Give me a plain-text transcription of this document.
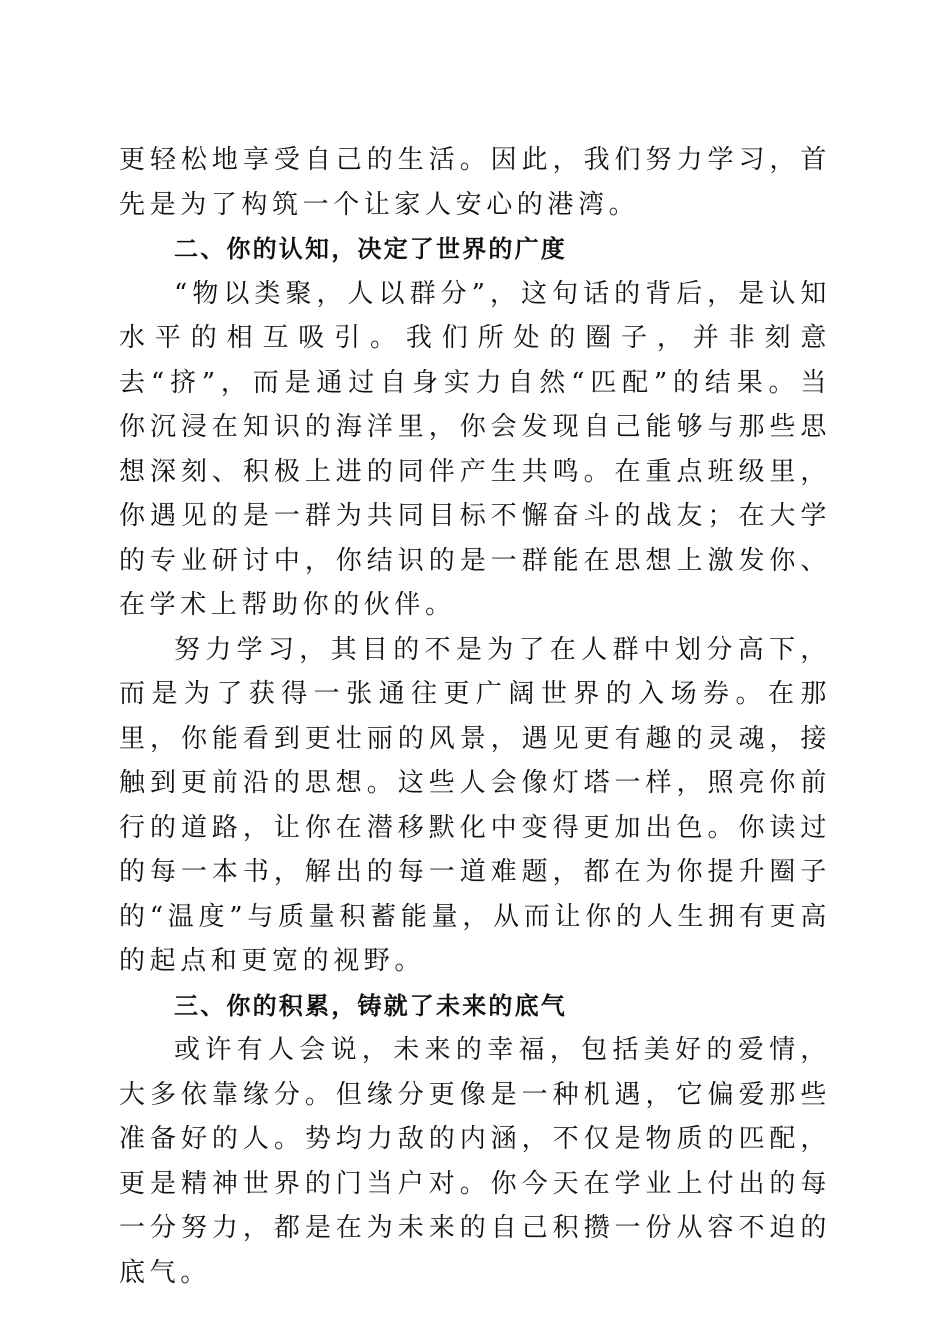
更轻松地享受自己的生活。因此，我们努力学习，首先是为了构筑一个让家人安心的港湾。

二、你的认知，决定了世界的广度

“物以类聚，人以群分”，这句话的背后，是认知水平的相互吸引。我们所处的圈子，并非刻意去“挤”，而是通过自身实力自然“匹配”的结果。当你沉浸在知识的海洋里，你会发现自己能够与那些思想深刻、积极上进的同伴产生共鸣。在重点班级里，你遇见的是一群为共同目标不懈奋斗的战友；在大学的专业研讨中，你结识的是一群能在思想上激发你、在学术上帮助你的伙伴。

努力学习，其目的不是为了在人群中划分高下，而是为了获得一张通往更广阔世界的入场券。在那里，你能看到更壮丽的风景，遇见更有趣的灵魂，接触到更前沿的思想。这些人会像灯塔一样，照亮你前行的道路，让你在潜移默化中变得更加出色。你读过的每一本书，解出的每一道难题，都在为你提升圈子的“温度”与质量积蓄能量，从而让你的人生拥有更高的起点和更宽的视野。

三、你的积累，铸就了未来的底气

或许有人会说，未来的幸福，包括美好的爱情，大多依靠缘分。但缘分更像是一种机遇，它偏爱那些准备好的人。势均力敌的内涵，不仅是物质的匹配，更是精神世界的门当户对。你今天在学业上付出的每一分努力，都是在为未来的自己积攒一份从容不迫的底气。
